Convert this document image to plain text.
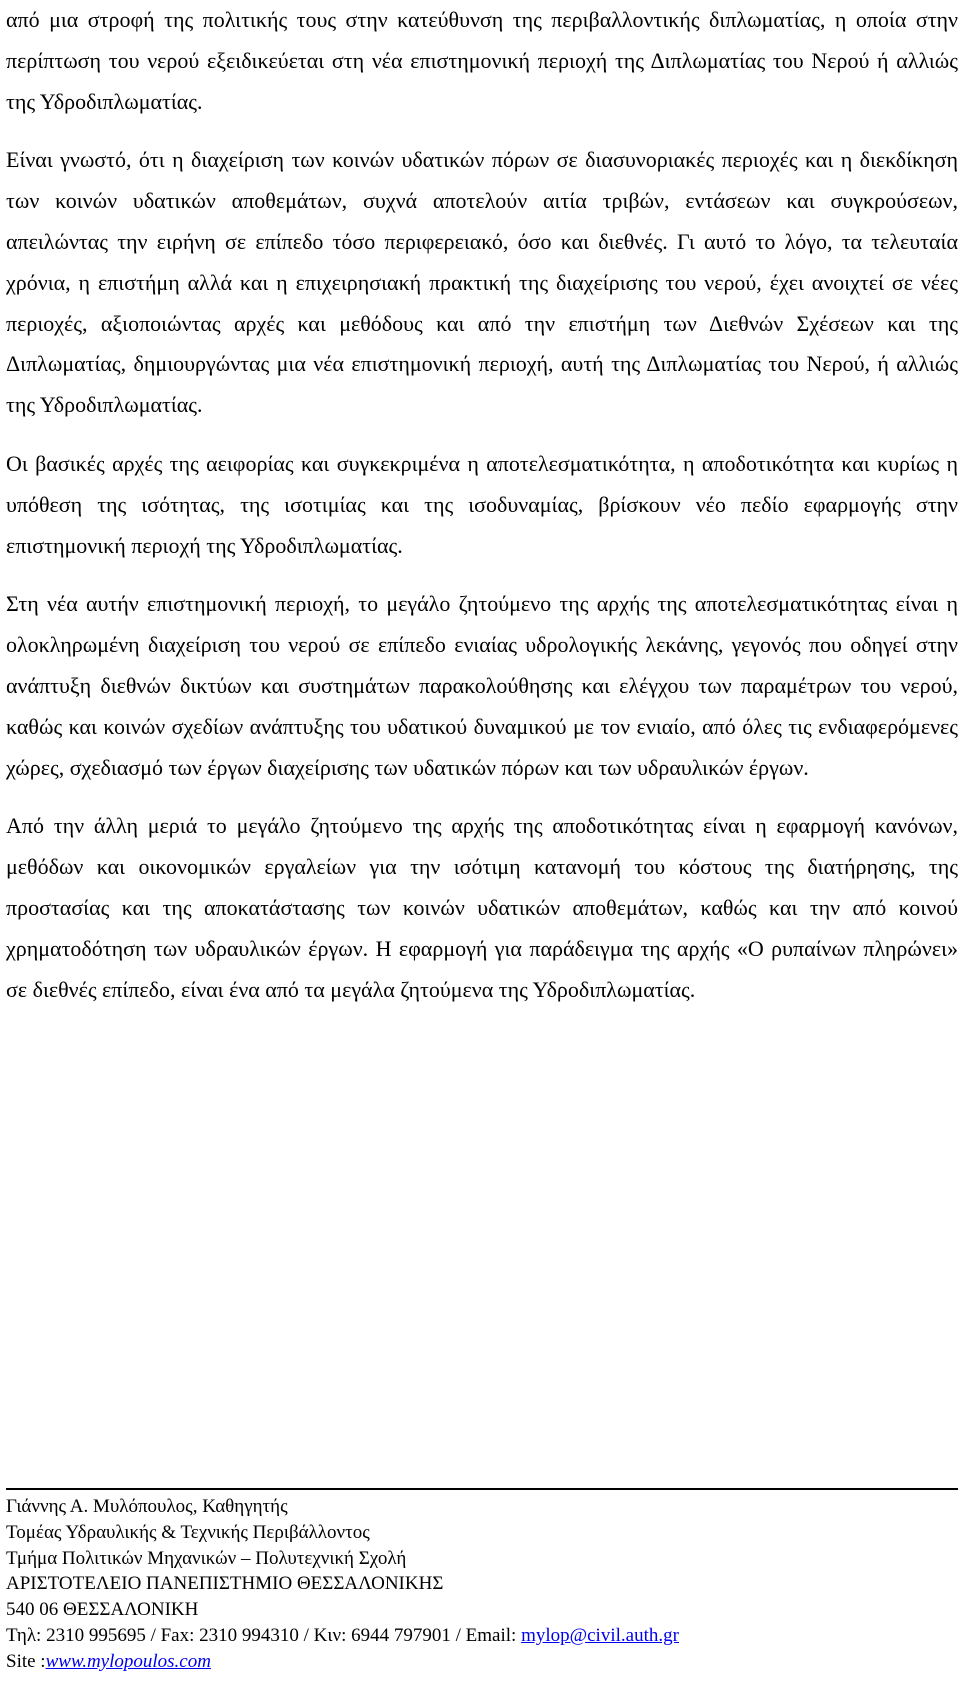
από μια στροφή της πολιτικής τους στην κατεύθυνση της περιβαλλοντικής διπλωματίας, η οποία στην περίπτωση του νερού εξειδικεύεται στη νέα επιστημονική περιοχή της Διπλωματίας του Νερού ή αλλιώς της Υδροδιπλωματίας.

Είναι γνωστό, ότι η διαχείριση των κοινών υδατικών πόρων σε διασυνοριακές περιοχές και η διεκδίκηση των κοινών υδατικών αποθεμάτων, συχνά αποτελούν αιτία τριβών, εντάσεων και συγκρούσεων, απειλώντας την ειρήνη σε επίπεδο τόσο περιφερειακό, όσο και διεθνές. Γι αυτό το λόγο, τα τελευταία χρόνια, η επιστήμη αλλά και η επιχειρησιακή πρακτική της διαχείρισης του νερού, έχει ανοιχτεί σε νέες περιοχές, αξιοποιώντας αρχές και μεθόδους και από την επιστήμη των Διεθνών Σχέσεων και της Διπλωματίας, δημιουργώντας μια νέα επιστημονική περιοχή, αυτή της Διπλωματίας του Νερού, ή αλλιώς της Υδροδιπλωματίας.

Οι βασικές αρχές της αειφορίας και συγκεκριμένα η αποτελεσματικότητα, η αποδοτικότητα και κυρίως η υπόθεση της ισότητας, της ισοτιμίας και της ισοδυναμίας, βρίσκουν νέο πεδίο εφαρμογής στην επιστημονική περιοχή της Υδροδιπλωματίας.

Στη νέα αυτήν επιστημονική περιοχή, το μεγάλο ζητούμενο της αρχής της αποτελεσματικότητας είναι η ολοκληρωμένη διαχείριση του νερού σε επίπεδο ενιαίας υδρολογικής λεκάνης, γεγονός που οδηγεί στην ανάπτυξη διεθνών δικτύων και συστημάτων παρακολούθησης και ελέγχου των παραμέτρων του νερού, καθώς και κοινών σχεδίων ανάπτυξης του υδατικού δυναμικού με τον ενιαίο, από όλες τις ενδιαφερόμενες χώρες, σχεδιασμό των έργων διαχείρισης των υδατικών πόρων και των υδραυλικών έργων.

Από την άλλη μεριά το μεγάλο ζητούμενο της αρχής της αποδοτικότητας είναι η εφαρμογή κανόνων, μεθόδων και οικονομικών εργαλείων για την ισότιμη κατανομή του κόστους της διατήρησης, της προστασίας και της αποκατάστασης των κοινών υδατικών αποθεμάτων, καθώς και την από κοινού χρηματοδότηση των υδραυλικών έργων. Η εφαρμογή για παράδειγμα της αρχής «Ο ρυπαίνων πληρώνει» σε διεθνές επίπεδο, είναι ένα από τα μεγάλα ζητούμενα της Υδροδιπλωματίας.

Γιάννης Α. Μυλόπουλος, Καθηγητής
Τομέας Υδραυλικής & Τεχνικής Περιβάλλοντος
Τμήμα Πολιτικών Μηχανικών – Πολυτεχνική Σχολή
ΑΡΙΣΤΟΤΕΛΕΙΟ ΠΑΝΕΠΙΣΤΗΜΙΟ ΘΕΣΣΑΛΟΝΙΚΗΣ
540 06 ΘΕΣΣΑΛΟΝΙΚΗ
Τηλ: 2310 995695 / Fax: 2310 994310 / Κιν: 6944 797901 / Email: mylop@civil.auth.gr
Site :www.mylopoulos.com
